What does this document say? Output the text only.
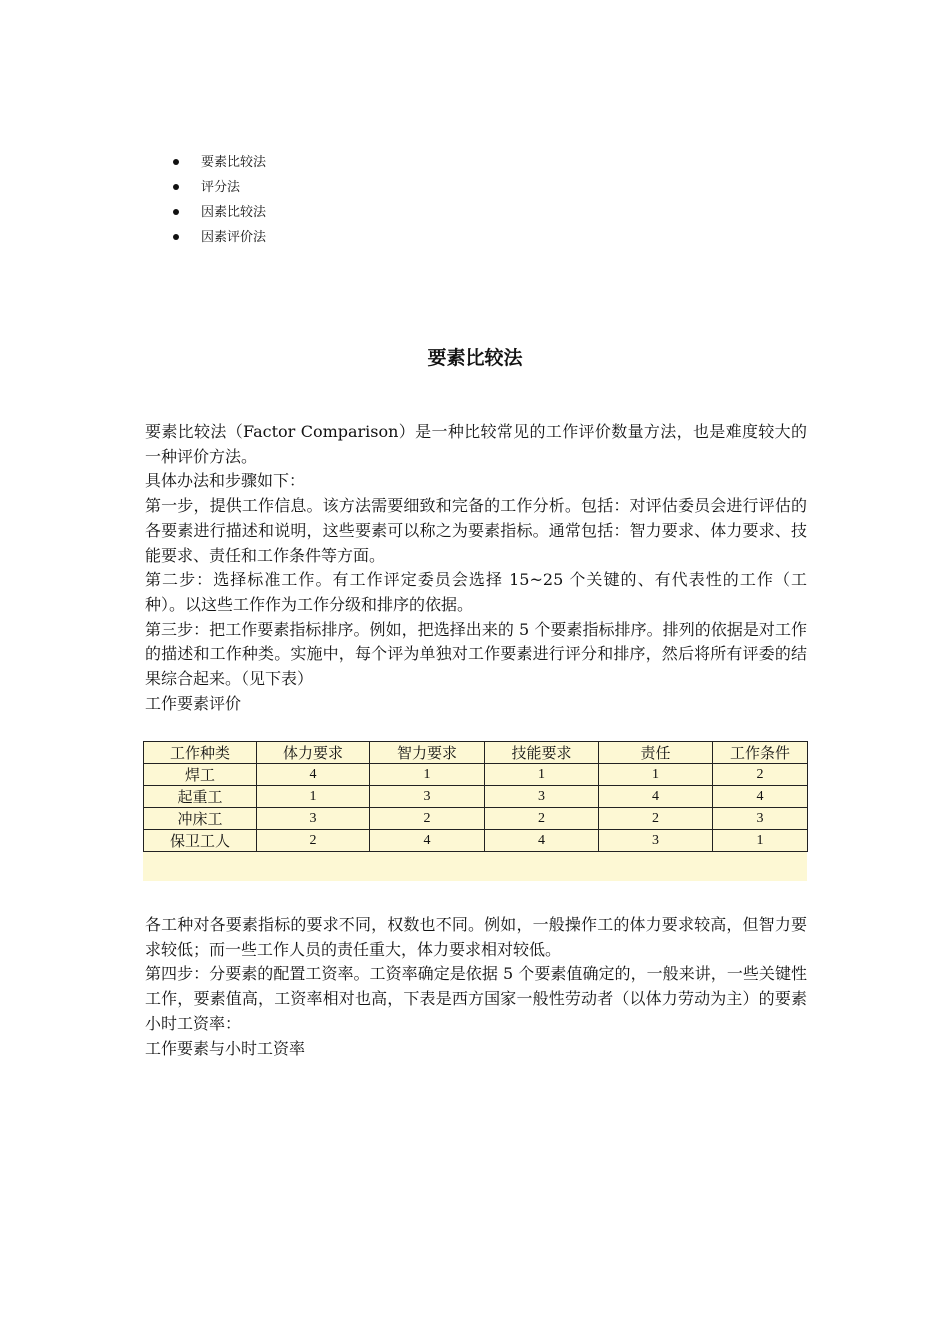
要素比较法
评分法
因素比较法
因素评价法
要素比较法

要素比较法（Factor Comparison）是一种比较常见的工作评价数量方法，也是难度较大的一种评价方法。

具体办法和步骤如下：

第一步，提供工作信息。该方法需要细致和完备的工作分析。包括：对评估委员会进行评估的各要素进行描述和说明，这些要素可以称之为要素指标。通常包括：智力要求、体力要求、技能要求、责任和工作条件等方面。

第二步：选择标准工作。有工作评定委员会选择 15~25 个关键的、有代表性的工作（工种）。以这些工作作为工作分级和排序的依据。

第三步：把工作要素指标排序。例如，把选择出来的 5 个要素指标排序。排列的依据是对工作的描述和工作种类。实施中，每个评为单独对工作要素进行评分和排序，然后将所有评委的结果综合起来。（见下表）

工作要素评价

工作种类	体力要求	智力要求	技能要求	责任	工作条件
焊工	4	1	1	1	2
起重工	1	3	3	4	4
冲床工	3	2	2	2	3
保卫工人	2	4	4	3	1

各工种对各要素指标的要求不同，权数也不同。例如，一般操作工的体力要求较高，但智力要求较低；而一些工作人员的责任重大，体力要求相对较低。

第四步：分要素的配置工资率。工资率确定是依据 5 个要素值确定的，一般来讲，一些关键性工作，要素值高，工资率相对也高，下表是西方国家一般性劳动者（以体力劳动为主）的要素小时工资率：

工作要素与小时工资率
